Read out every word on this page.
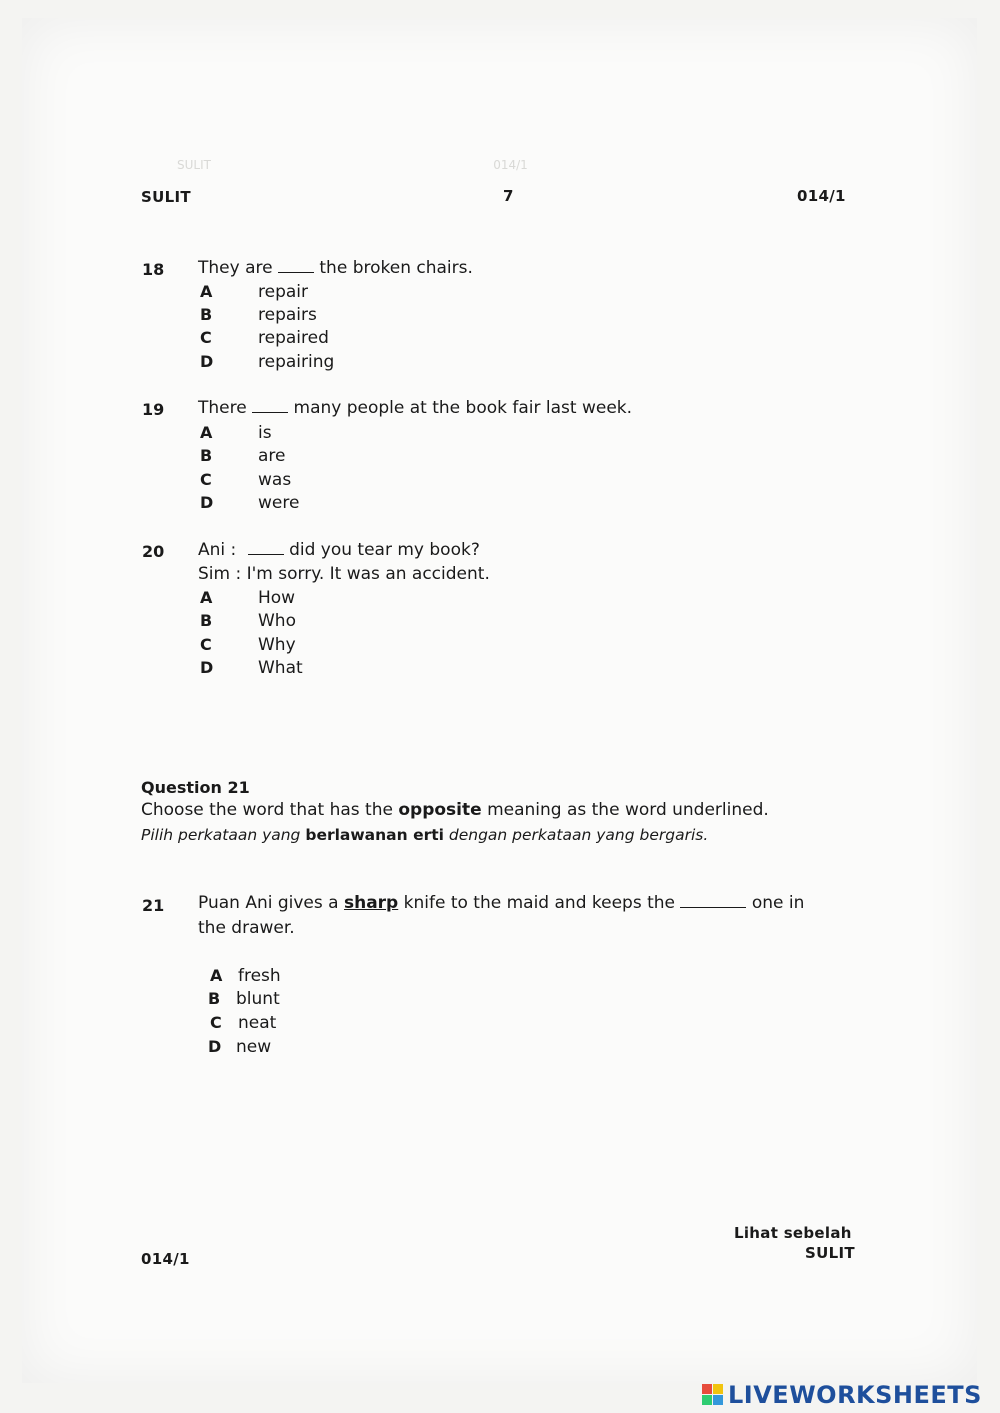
SULIT                                                                          014/1
SULIT	7	014/1
18 They are	the broken chairs.
A	repair
B	repairs
C	repaired
D	repairing
19 There	many people at the book fair last week.
A	is
B	are
C	was
D	were
20 Ani :	did you tear my book?
Sim : I'm sorry. It was an accident.
A	How
B	Who
C	Why
D	What
Question 21
Choose the word that has the opposite meaning as the word underlined.
Pilih perkataan yang berlawanan erti dengan perkataan yang bergaris.
21 Puan Ani gives a sharp knife to the maid and keeps the	one in
the drawer.
A fresh
B blunt
C neat
D new
014/1
Lihat sebelah
SULIT
LIVEWORKSHEETS
